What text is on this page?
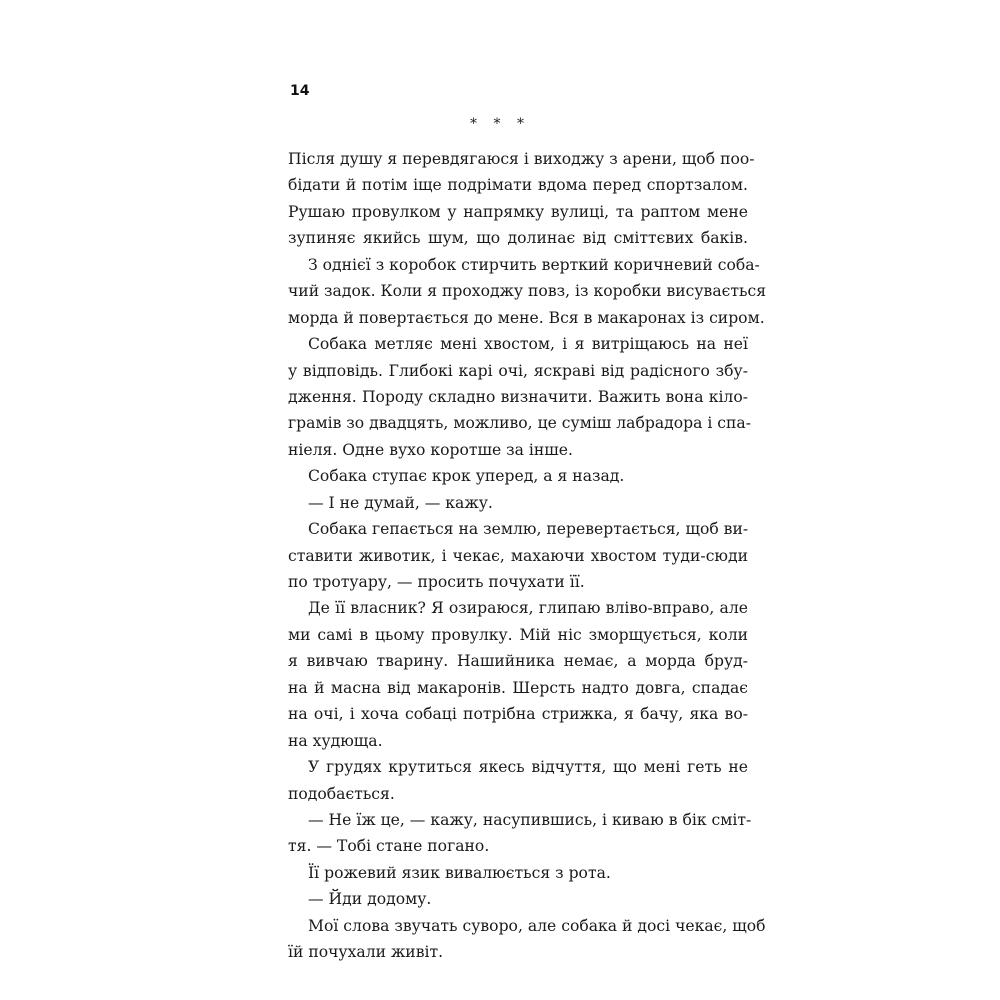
14
* * *
Після душу я перевдягаюся і виходжу з арени, щоб поо-
бідати й потім іще подрімати вдома перед спортзалом.
Рушаю провулком у напрямку вулиці, та раптом мене
зупиняє якийсь шум, що долинає від сміттєвих баків.
З однієї з коробок стирчить верткий коричневий соба-
чий задок. Коли я проходжу повз, із коробки висувається
морда й повертається до мене. Вся в макаронах із сиром.
Собака метляє мені хвостом, і я витріщаюсь на неї
у відповідь. Глибокі карі очі, яскраві від радісного збу-
дження. Породу складно визначити. Важить вона кіло-
грамів зо двадцять, можливо, це суміш лабрадора і спа-
ніеля. Одне вухо коротше за інше.
Собака ступає крок уперед, а я назад.
— І не думай, — кажу.
Собака гепається на землю, перевертається, щоб ви-
ставити животик, і чекає, махаючи хвостом туди-сюди
по тротуару, — просить почухати її.
Де її власник? Я озираюся, глипаю вліво-вправо, але
ми самі в цьому провулку. Мій ніс зморщується, коли
я вивчаю тварину. Нашийника немає, а морда бруд-
на й масна від макаронів. Шерсть надто довга, спадає
на очі, і хоча собаці потрібна стрижка, я бачу, яка во-
на худюща.
У грудях крутиться якесь відчуття, що мені геть не
подобається.
— Не їж це, — кажу, насупившись, і киваю в бік сміт-
тя. — Тобі стане погано.
Її рожевий язик вивалюється з рота.
— Йди додому.
Мої слова звучать суворо, але собака й досі чекає, щоб
їй почухали живіт.
